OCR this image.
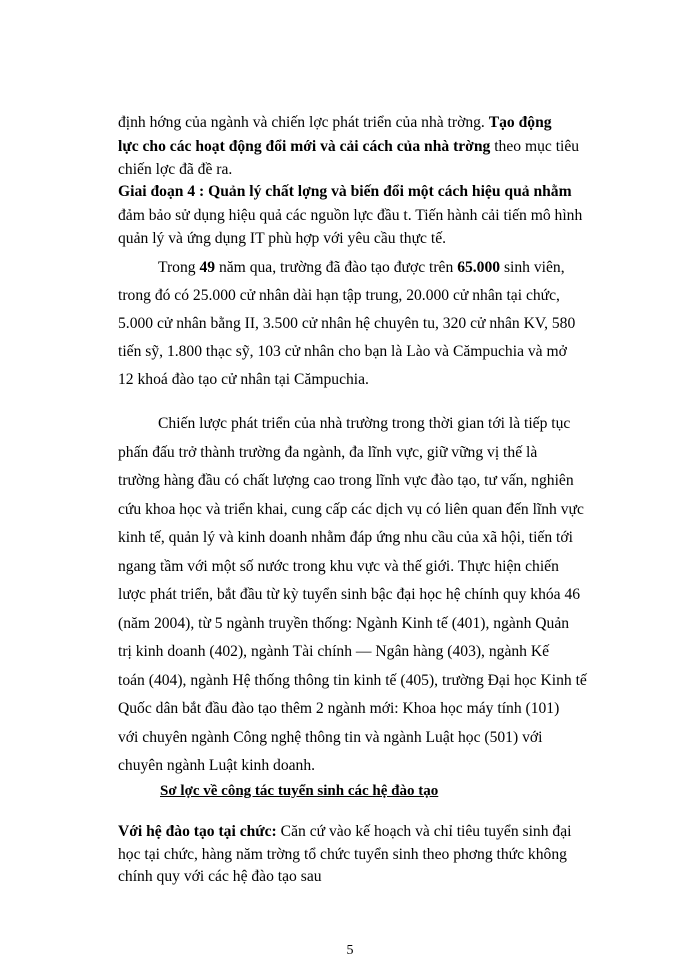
định hớng của ngành và chiến lợc phát triển của nhà trờng. Tạo động
lực cho các hoạt động đổi mới và cải cách của nhà trờng theo mục tiêu
chiến lợc đã đề ra.
Giai đoạn 4 : Quản lý chất lợng và biến đổi một cách hiệu quả nhằm
đảm bảo sử dụng hiệu quả các nguồn lực đầu t. Tiến hành cải tiến mô hình
quản lý và ứng dụng IT phù hợp với yêu cầu thực tế.
Trong 49 năm qua, trường đã đào tạo được trên 65.000 sinh viên,
trong đó có 25.000 cử nhân dài hạn tập trung, 20.000 cử nhân tại chức,
5.000 cử nhân bằng II, 3.500 cử nhân hệ chuyên tu, 320 cử nhân KV, 580
tiến sỹ, 1.800 thạc sỹ, 103 cử nhân cho bạn là Lào và Cămpuchia và mở
12 khoá đào tạo cử nhân tại Cămpuchia.
Chiến lược phát triển của nhà trường trong thời gian tới là tiếp tục
phấn đấu trở thành trường đa ngành, đa lĩnh vực, giữ vững vị thế là
trường hàng đầu có chất lượng cao trong lĩnh vực đào tạo, tư vấn, nghiên
cứu khoa học và triển khai, cung cấp các dịch vụ có liên quan đến lĩnh vực
kinh tế, quản lý và kinh doanh nhằm đáp ứng nhu cầu của xã hội, tiến tới
ngang tầm với một số nước trong khu vực và thế giới. Thực hiện chiến
lược phát triển, bắt đầu từ kỳ tuyển sinh bậc đại học hệ chính quy khóa 46
(năm 2004), từ 5 ngành truyền thống: Ngành Kinh tế (401), ngành Quản
trị kinh doanh (402), ngành Tài chính — Ngân hàng (403), ngành Kế
toán (404), ngành Hệ thống thông tin kinh tế (405), trường Đại học Kinh tế
Quốc dân bắt đầu đào tạo thêm 2 ngành mới: Khoa học máy tính (101)
với chuyên ngành Công nghệ thông tin và ngành Luật học (501) với
chuyên ngành Luật kinh doanh.
Sơ lợc về công tác tuyển sinh các hệ đào tạo
Với hệ đào tạo tại chức: Căn cứ vào kế hoạch và chỉ tiêu tuyển sinh đại
học tại chức, hàng năm trờng tổ chức tuyển sinh theo phơng thức không
chính quy với các hệ đào tạo sau
5
